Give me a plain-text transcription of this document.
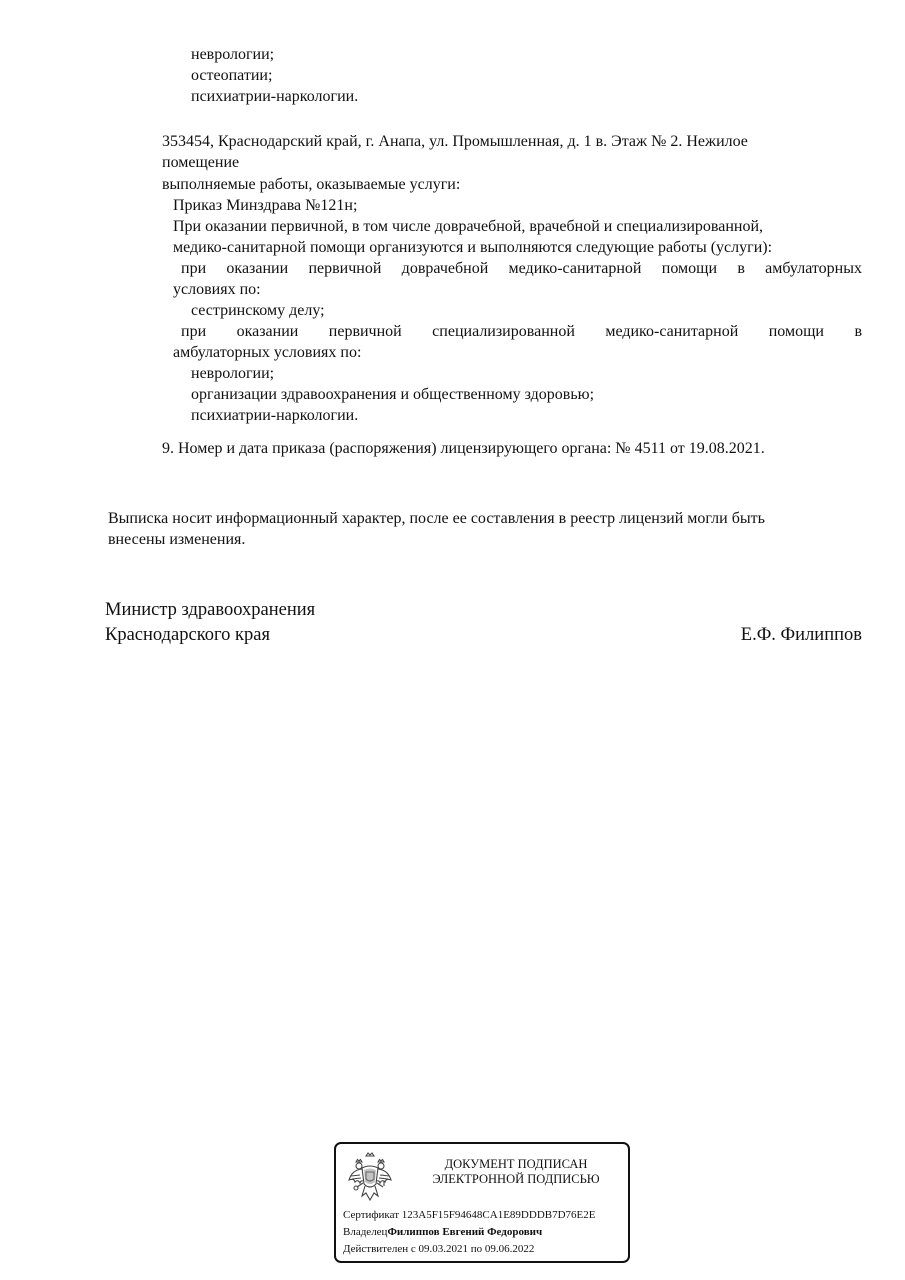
неврологии;
остеопатии;
психиатрии-наркологии.
353454, Краснодарский край, г. Анапа, ул. Промышленная, д. 1 в. Этаж № 2. Нежилое
помещение
выполняемые работы, оказываемые услуги:
Приказ Минздрава №121н;
При оказании первичной, в том числе доврачебной, врачебной и специализированной,
медико-санитарной помощи организуются и выполняются следующие работы (услуги):
при оказании первичной доврачебной медико-санитарной помощи в амбулаторных
условиях по:
сестринскому делу;
при оказании первичной специализированной медико-санитарной помощи в
амбулаторных условиях по:
неврологии;
организации здравоохранения и общественному здоровью;
психиатрии-наркологии.
9. Номер и дата приказа (распоряжения) лицензирующего органа: № 4511 от 19.08.2021.
Выписка носит информационный характер, после ее составления в реестр лицензий могли быть
внесены изменения.
Министр здравоохранения
Краснодарского края	Е.Ф. Филиппов
ДОКУМЕНТ ПОДПИСАН
ЭЛЕКТРОННОЙ ПОДПИСЬЮ
Сертификат 123A5F15F94648CA1E89DDDB7D76E2E
ВладелецФилиппов Евгений Федорович
Действителен с 09.03.2021 по 09.06.2022
